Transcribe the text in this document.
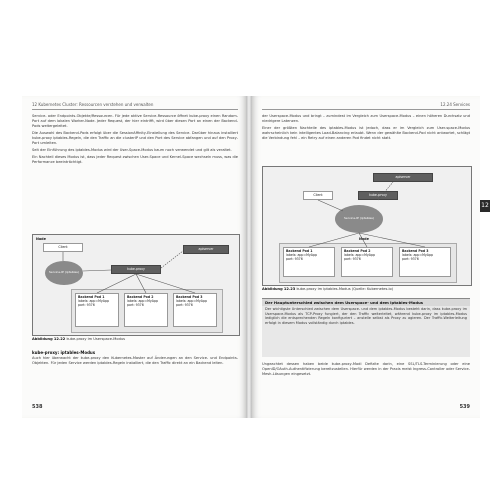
12 Kubernetes Cluster: Ressourcen verstehen und verwalten

Service- oder Endpoints-Objekte/Ressourcen. Für jede aktive Service-Ressource öffnet kube-proxy einen Random-Port auf dem lokalen Worker-Node. Jeder Request, der hier eintrifft, wird über diesen Port an einen der Backend-Pods weitergeleitet.

Die Auswahl des Backend-Pods erfolgt über die SessionAffinity-Einstellung des Service. Darüber hinaus installiert kube-proxy iptables-Regeln, die den Traffic an die clusterIP und den Port des Service abfangen und auf den Proxy-Port umleiten.

Seit der Einführung des iptables-Modus wird der User-Space-Modus kaum noch verwendet und gilt als veraltet.

Ein Nachteil dieses Modus ist, dass jeder Request zwischen User-Space und Kernel-Space wechseln muss, was die Performance beeinträchtigt.

Node
Client
Service-IP (iptables)
kube-proxy
apiserver
Backend Pod 1
labels: app=MyApp
port: 9376
Backend Pod 2
labels: app=MyApp
port: 9376
Backend Pod 3
labels: app=MyApp
port: 9376
Abbildung 12.22 kube-proxy im Userspace-Modus
kube-proxy: iptables-Modus

Auch hier überwacht der kube-proxy den Kubernetes-Master auf Änderungen an den Service- und Endpoints-Objekten. Für jeden Service werden iptables-Regeln installiert, die den Traffic direkt an ein Backend leiten.

538
12.24 Services

der Userspace-Modus und bringt – zumindest im Vergleich zum Userspace-Modus – einen höheren Durchsatz und niedrigere Latenzen.

Einer der größten Nachteile des iptables-Modus ist jedoch, dass er im Vergleich zum User-space-Modus wahrscheinlich kein intelligentes Load-Balancing erlaubt. Wenn der gewählte Backend-Pod nicht antwortet, schlägt die Verbindung fehl – ein Retry auf einen anderen Pod findet nicht statt.

apiserver
Client	kube-proxy
Service-IP (iptables)
Node
Backend Pod 1
labels: app=MyApp
port: 9376
Backend Pod 2
labels: app=MyApp
port: 9376
Backend Pod 3
labels: app=MyApp
port: 9376
Abbildung 12.23 kube-proxy im iptables-Modus (Quelle: Kubernetes.io)
Der Hauptunterschied zwischen dem Userspace- und dem iptables-Modus
Der wichtigste Unterschied zwischen dem Userspace- und dem iptables-Modus besteht darin, dass kube-proxy im Userspace-Modus als TCP-Proxy fungiert, der den Traffic weiterleitet, während kube-proxy im iptables-Modus lediglich die entsprechenden Regeln konfiguriert – anstelle selbst als Proxy zu agieren. Der Traffic-Weiterleitung erfolgt in diesem Modus vollständig durch iptables.

Ungeachtet dessen haben beide kube-proxy-Modi Defizite darin, eine SSL/TLS-Terminierung oder eine OpenID/OAuth-Authentifizierung bereitzustellen. Hierfür werden in der Praxis meist Ingress-Controller oder Service-Mesh-Lösungen eingesetzt.

539
12
